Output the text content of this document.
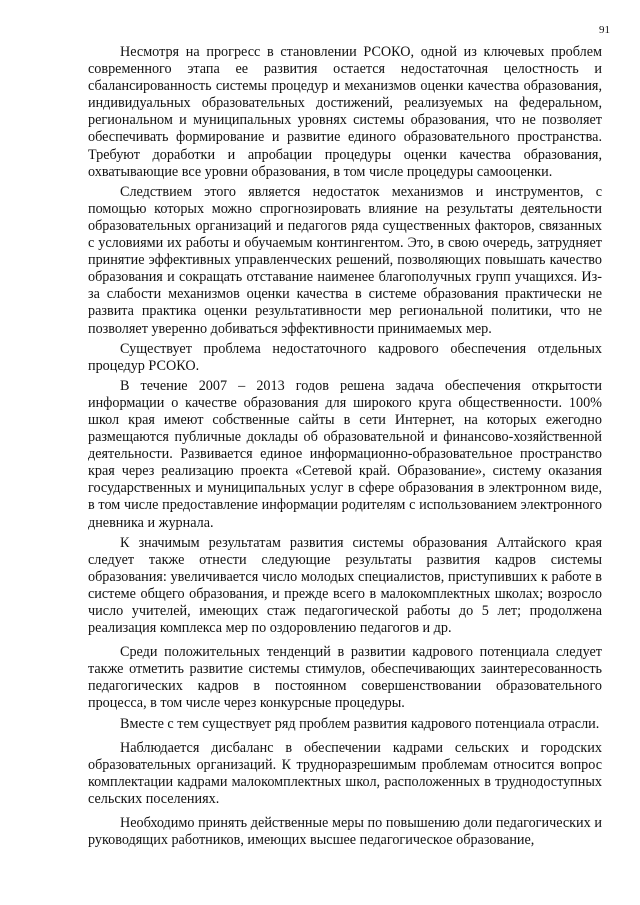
91

Несмотря на прогресс в становлении РСОКО, одной из ключевых проблем современного этапа ее развития остается недостаточная целостность и сбалансированность системы процедур и механизмов оценки качества образования, индивидуальных образовательных достижений, реализуемых на федеральном, региональном и муниципальных уровнях системы образования, что не позволяет обеспечивать формирование и развитие единого образовательного пространства. Требуют доработки и апробации процедуры оценки качества образования, охватывающие все уровни образования, в том числе процедуры самооценки.

Следствием этого является недостаток механизмов и инструментов, с помощью которых можно спрогнозировать влияние на результаты деятельности образовательных организаций и педагогов ряда существенных факторов, связанных с условиями их работы и обучаемым контингентом. Это, в свою очередь, затрудняет принятие эффективных управленческих решений, позволяющих повышать качество образования и сокращать отставание наименее благополучных групп учащихся. Из-за слабости механизмов оценки качества в системе образования практически не развита практика оценки результативности мер региональной политики, что не позволяет уверенно добиваться эффективности принимаемых мер.

Существует проблема недостаточного кадрового обеспечения отдельных процедур РСОКО.

В течение 2007 – 2013 годов решена задача обеспечения открытости информации о качестве образования для широкого круга общественности. 100% школ края имеют собственные сайты в сети Интернет, на которых ежегодно размещаются публичные доклады об образовательной и финансово-хозяйственной деятельности. Развивается единое информационно-образовательное пространство края через реализацию проекта «Сетевой край. Образование», систему оказания государственных и муниципальных услуг в сфере образования в электронном виде, в том числе предоставление информации родителям с использованием электронного дневника и журнала.

К значимым результатам развития системы образования Алтайского края следует также отнести следующие результаты развития кадров системы образования: увеличивается число молодых специалистов, приступивших к работе в системе общего образования, и прежде всего в малокомплектных школах; возросло число учителей, имеющих стаж педагогической работы до 5 лет; продолжена реализация комплекса мер по оздоровлению педагогов и др.

Среди положительных тенденций в развитии кадрового потенциала следует также отметить развитие системы стимулов, обеспечивающих заинтересованность педагогических кадров в постоянном совершенствовании образовательного процесса, в том числе через конкурсные процедуры.

Вместе с тем существует ряд проблем развития кадрового потенциала отрасли.

Наблюдается дисбаланс в обеспечении кадрами сельских и городских образовательных организаций. К трудноразрешимым проблемам относится вопрос комплектации кадрами малокомплектных школ, расположенных в труднодоступных сельских поселениях.

Необходимо принять действенные меры по повышению доли педагогических и руководящих работников, имеющих высшее педагогическое образование,
